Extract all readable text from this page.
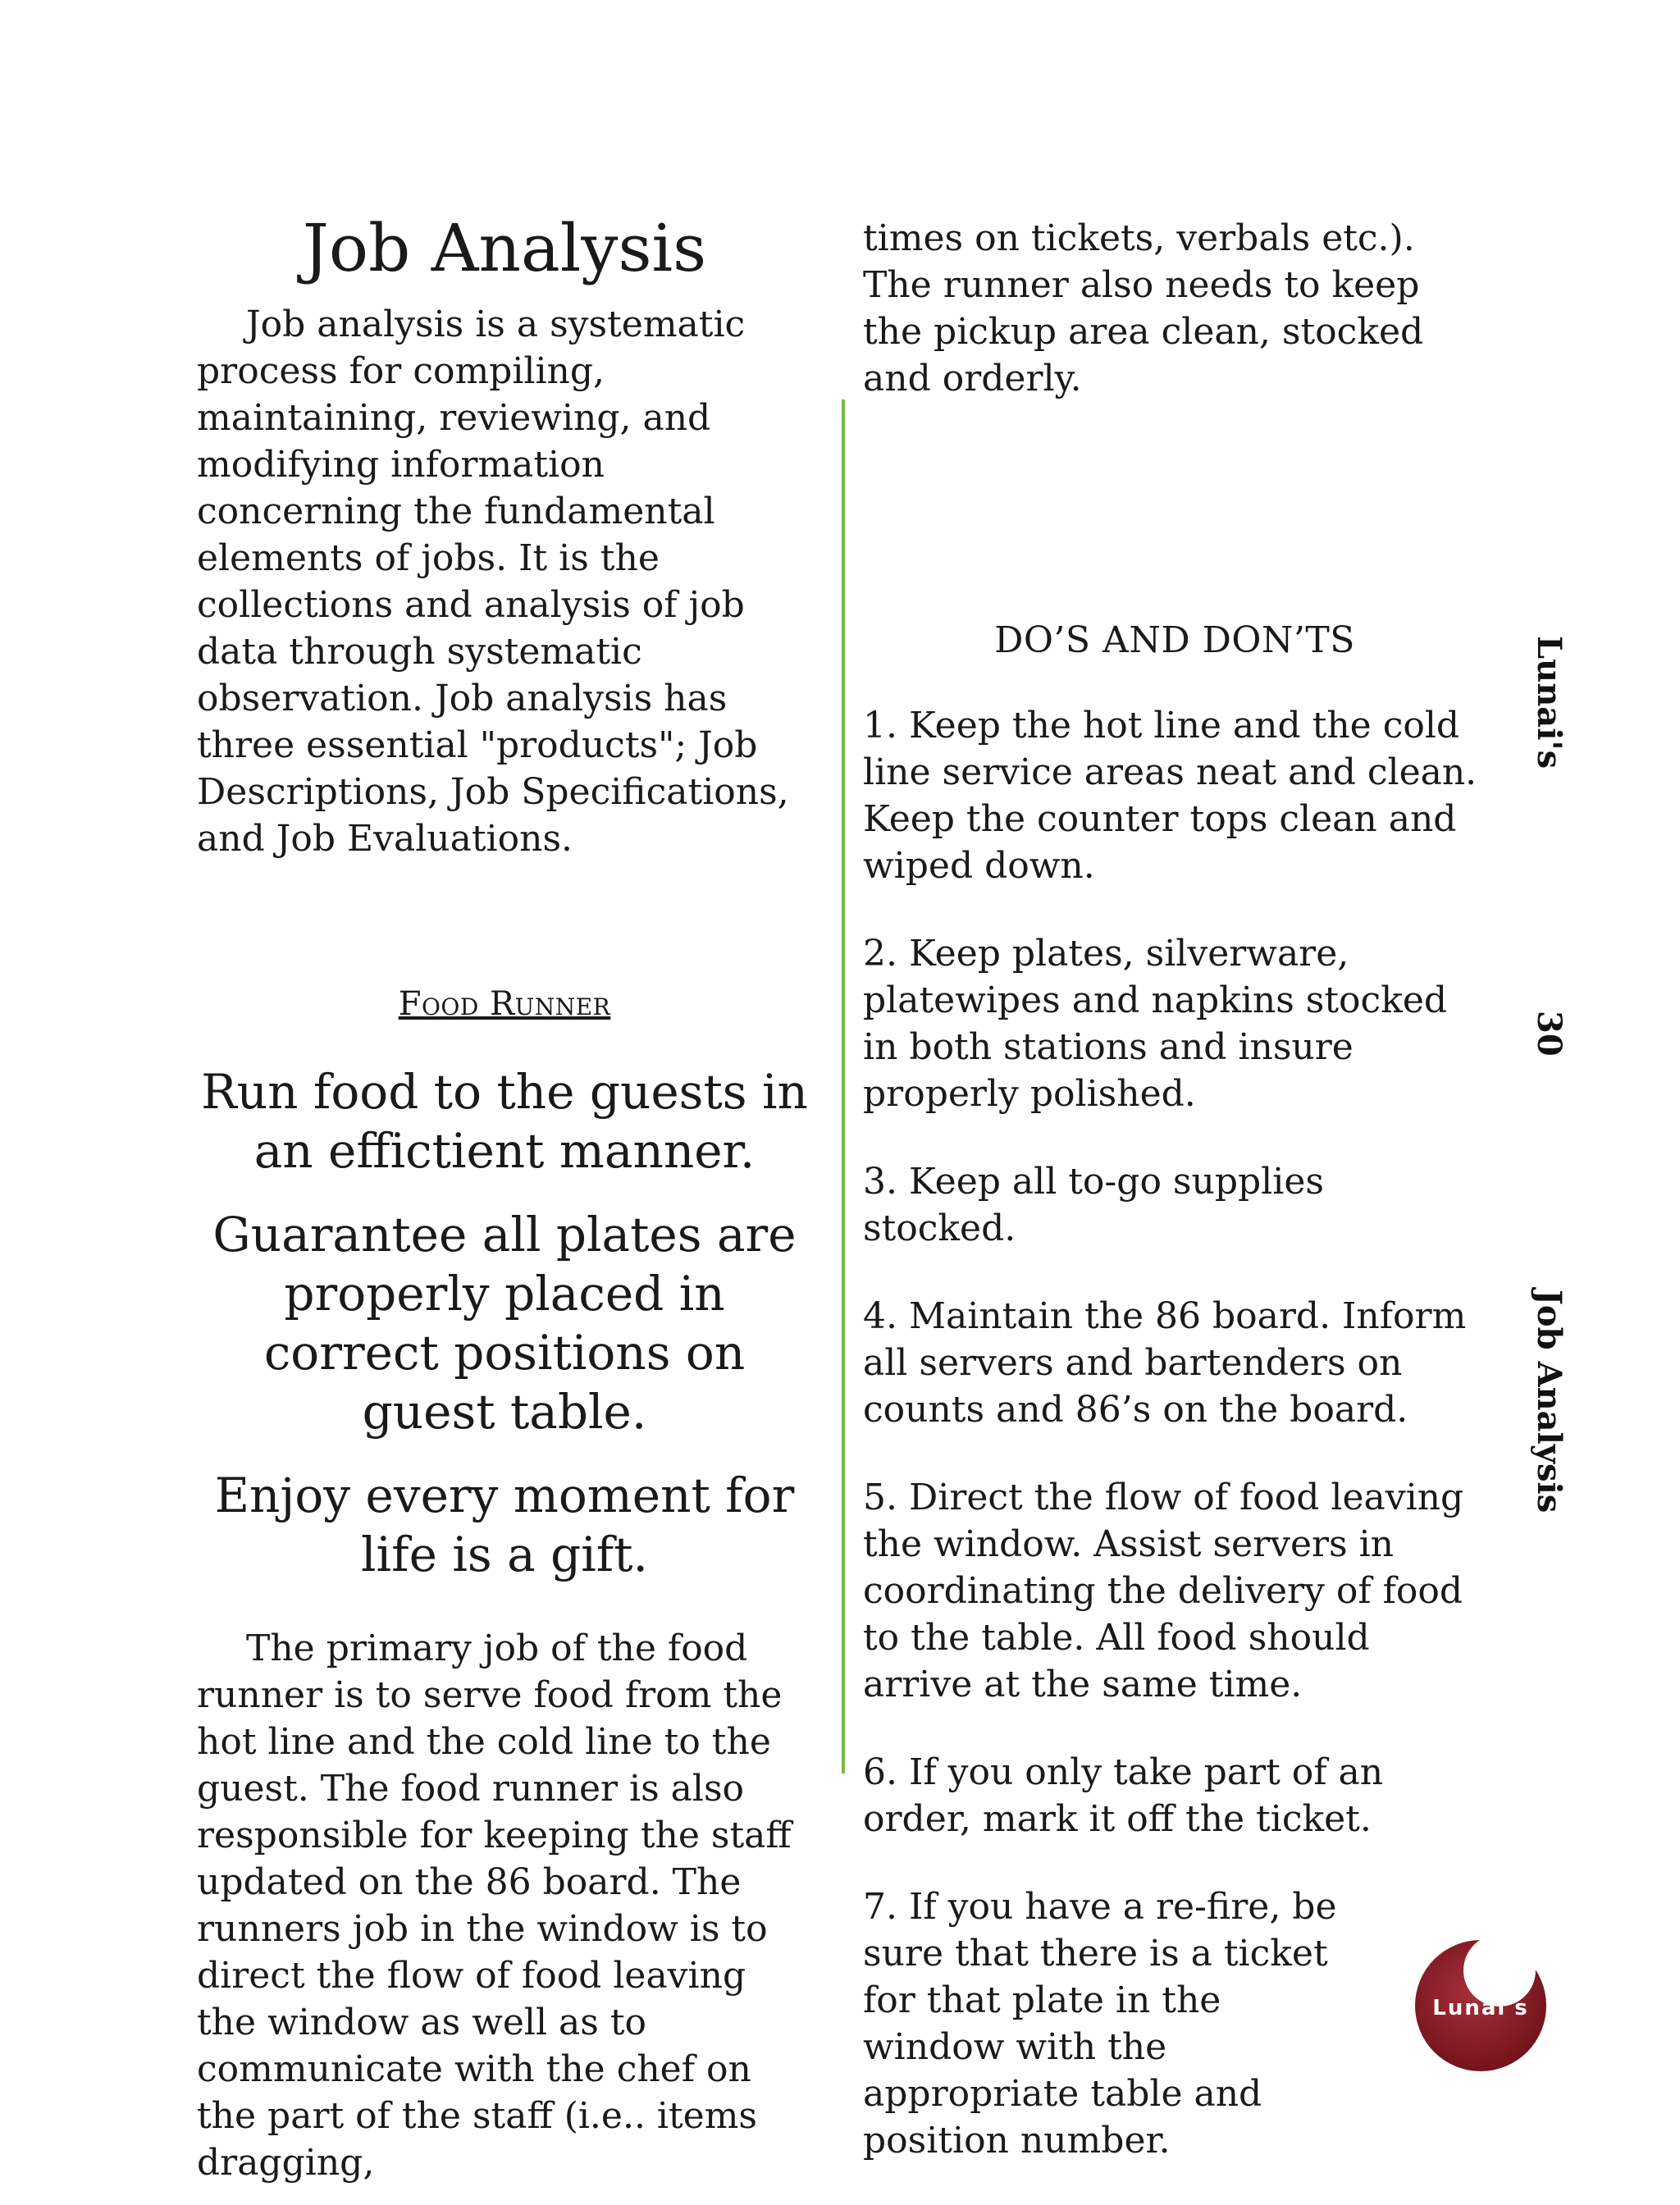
Job Analysis

Job analysis is a systematic process for compiling, maintaining, reviewing, and modifying information concerning the fundamental elements of jobs. It is the collections and analysis of job data through systematic observation. Job analysis has three essential "products"; Job Descriptions, Job Specifications, and Job Evaluations.

Food Runner

Run food to the guests in an effictient manner.

Guarantee all plates are properly placed in correct positions on guest table.

Enjoy every moment for life is a gift.

The primary job of the food runner is to serve food from the hot line and the cold line to the guest. The food runner is also responsible for keeping the staff updated on the 86 board. The runners job in the window is to direct the flow of food leaving the window as well as to communicate with the chef on the part of the staff (i.e.. items dragging,

times on tickets, verbals etc.). The runner also needs to keep the pickup area clean, stocked and orderly.

DO’S AND DON’TS

1. Keep the hot line and the cold line service areas neat and clean. Keep the counter tops clean and wiped down.

2. Keep plates, silverware, platewipes and napkins stocked in both stations and insure properly polished.

3. Keep all to-go supplies stocked.

4. Maintain the 86 board. Inform all servers and bartenders on counts and 86’s on the board.

5. Direct the flow of food leaving the window. Assist servers in coordinating the delivery of food to the table. All food should arrive at the same time.

6. If you only take part of an order, mark it off the ticket.

7. If you have a re-fire, be sure that there is a ticket for that plate in the window with the appropriate table and position number.

Lunai's
30
Job Analysis
Lunai's
